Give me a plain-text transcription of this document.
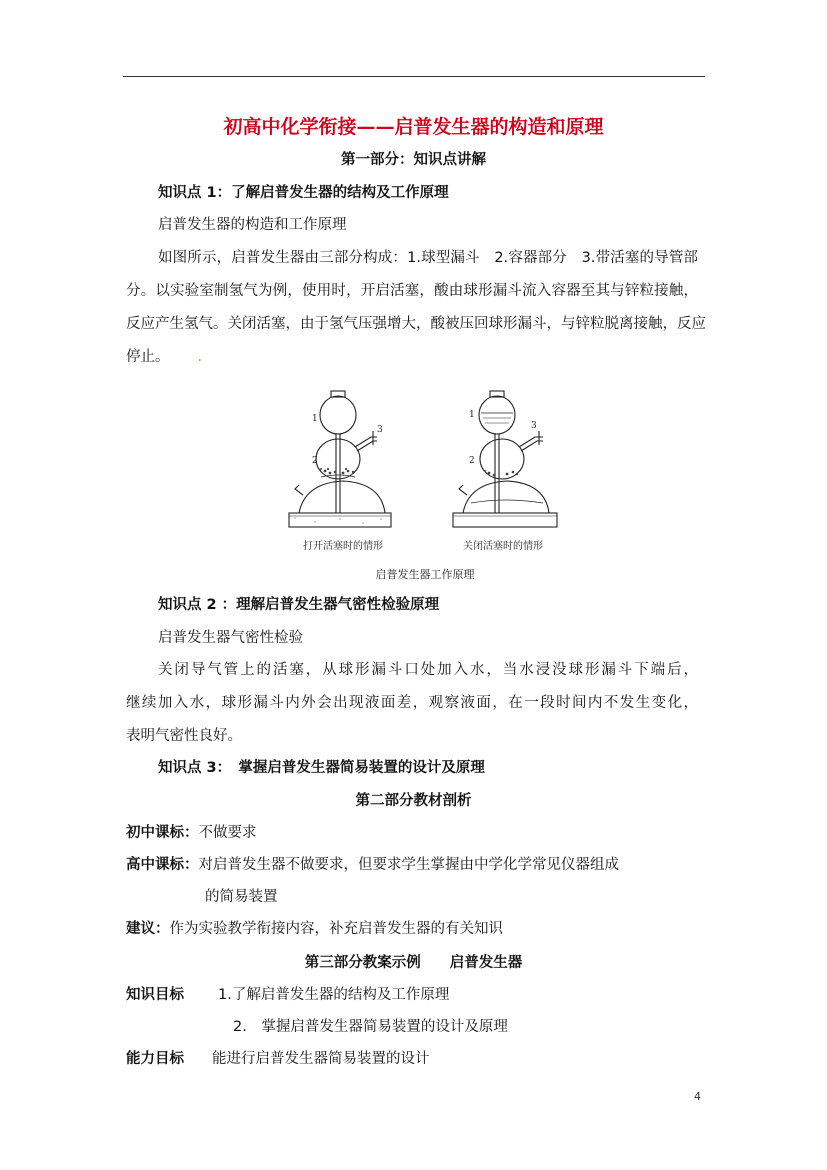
初高中化学衔接——启普发生器的构造和原理
第一部分：知识点讲解
知识点 1：了解启普发生器的结构及工作原理
启普发生器的构造和工作原理
如图所示，启普发生器由三部分构成：1.球型漏斗　2.容器部分　3.带活塞的导管部
分。以实验室制氢气为例，使用时，开启活塞，酸由球形漏斗流入容器至其与锌粒接触，
反应产生氢气。关闭活塞，由于氢气压强增大，酸被压回球形漏斗，与锌粒脱离接触，反应
停止。 .
1
2
3
1
2
3
打开活塞时的情形	关闭活塞时的情形
启普发生器工作原理
知识点 2 ：理解启普发生器气密性检验原理
启普发生器气密性检验
关闭导气管上的活塞，从球形漏斗口处加入水，当水浸没球形漏斗下端后，
继续加入水，球形漏斗内外会出现液面差，观察液面，在一段时间内不发生变化，
表明气密性良好。
知识点 3：　掌握启普发生器简易装置的设计及原理
第二部分教材剖析
初中课标：不做要求
高中课标：对启普发生器不做要求，但要求学生掌握由中学化学常见仪器组成
的简易装置
建议：作为实验教学衔接内容，补充启普发生器的有关知识
第三部分教案示例　　启普发生器
知识目标 1.了解启普发生器的结构及工作原理
2.　掌握启普发生器简易装置的设计及原理
能力目标 能进行启普发生器简易装置的设计
4
